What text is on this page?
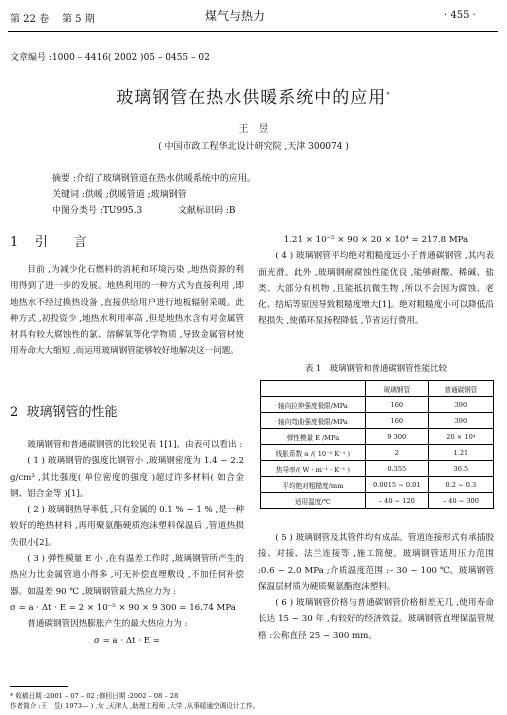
第 22 卷 第 5 期	煤气与热力	· 455 ·
文章编号 :1000 – 4416( 2002 )05 – 0455 – 02
玻璃钢管在热水供暖系统中的应用*
王　昱
( 中国市政工程华北设计研究院 ,天津 300074 )
摘要 :介绍了玻璃钢管道在热水供暖系统中的应用。
关键词 :供暖 ;供暖管道 ;玻璃钢管
中图分类号 :TU995.3	文献标识码 :B
1 引　　言

目前 ,为减少化石燃料的消耗和环境污染 ,地热资源的利用得到了进一步的发展。地热利用的一种方式为直接利用 ,即地热水不经过换热设备 ,直接供给用户进行地板辐射采暖。此种方式 ,初投资少 ,地热水利用率高 ,但是地热水含有对金属管材具有较大腐蚀性的氯、溶解氧等化学物质 ,导致金属管材使用寿命大大缩短 ,而运用玻璃钢管能够较好地解决这一问题。

2 玻璃钢管的性能

玻璃钢管和普通碳钢管的比较见表 1[1]。由表可以看出 :

( 1 ) 玻璃钢管的强度比钢管小 ,玻璃钢密度为 1.4 ~ 2.2 g/cm³ ,其比强度( 单位密度的强度 )超过许多材料( 如合金钢、铝合金等 )[1]。

( 2 ) 玻璃钢热导率低 ,只有金属的 0.1 % ~ 1 % ,是一种较好的绝热材料 ,再用聚氨酯硬质泡沫塑料保温后 ,管道热损失很小[2]。

( 3 ) 弹性模量 E 小 ,在有温差工作时 ,玻璃钢管所产生的热应力比金属管道小得多 ,可无补偿直埋敷设 ,不加任何补偿器。如温差 90 ℃ ,玻璃钢管最大热应力为 :

σ = a · Δt · E = 2 × 10⁻⁵ × 90 × 9 300 = 16.74 MPa

普通碳钢管因热膨胀产生的最大热应力为 :

σ = a · Δt · E =

1.21 × 10⁻⁵ × 90 × 20 × 10⁴ = 217.8 MPa

( 4 ) 玻璃钢管平均绝对粗糙度远小于普通碳钢管 ,其内表面光滑。此外 ,玻璃钢耐腐蚀性能优良 ,能够耐酸、稀碱、盐类、大部分有机物 ,且能抵抗微生物 ,所以不会因为腐蚀、老化、结垢等原因导致粗糙度增大[1]。绝对粗糙度小可以降低沿程损失 ,使循环泵扬程降低 ,节省运行费用。

表 1　玻璃钢管和普通碳钢管性能比较
	玻璃钢管	普通碳钢管
轴向拉伸强度极限/MPa	160	390
轴向弯曲强度极限/MPa	160	390
弹性模量 E /MPa	9 300	20 × 10⁴
线胀系数 α /( 10⁻⁵ K⁻¹ )	2	1.21
热导率/( W · m⁻¹ · K⁻¹ )	0.355	36.5
平均绝对粗糙度/mm	0.0015 ~ 0.01	0.2 ~ 0.3
适用温度/℃	– 40 ~ 120	– 40 ~ 300

( 5 ) 玻璃钢管及其管件均有成品。管道连接形式有承插胶接、对接、法兰连接等 ,施工简便。玻璃钢管适用压力范围 :0.6 ~ 2.0 MPa ;介质温度范围 :– 30 ~ 100 ℃。玻璃钢管保温层材质为硬质聚氨酯泡沫塑料。

( 6 ) 玻璃钢管价格与普通碳钢管价格相差无几 ,使用寿命长达 15 ~ 30 年 ,有较好的经济效益。玻璃钢管直埋保温管规格 :公称直径 25 ~ 300 mm。

* 收稿日期 :2001 – 07 – 02 ;修回日期 :2002 – 08 – 28
作者简介 :王　昱( 1973— ) ,女 ,天津人 ,助理工程师 ,大学 ,从事暖通空调设计工作。
